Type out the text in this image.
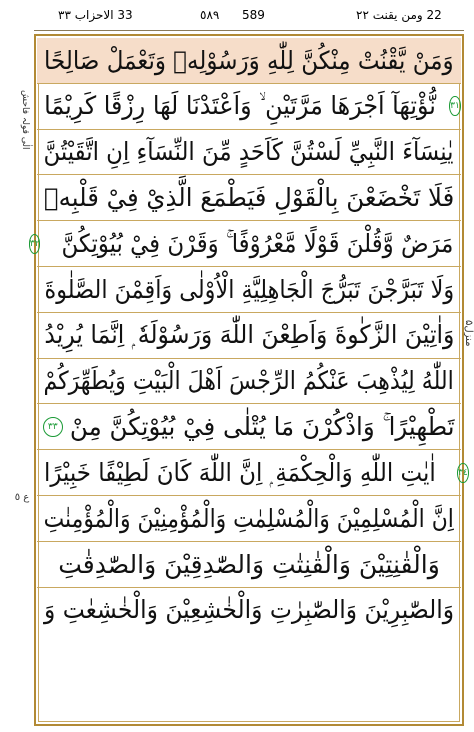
33 الاحزاب ٣٣	٥٨٩ 589	22 ومن يقنت ٢٢
الٰی قولہ فاحش
منزل۵
ع ٥
وَمَنْ يَّقْنُتْ مِنْكُنَّ لِلّٰهِ وَرَسُوْلِهٖ وَتَعْمَلْ صَالِحًا
٣١
نُّؤْتِهَآ اَجْرَهَا مَرَّتَيْنِ ۙ وَاَعْتَدْنَا لَهَا رِزْقًا كَرِيْمًا
يٰنِسَآءَ النَّبِيِّ لَسْتُنَّ كَاَحَدٍ مِّنَ النِّسَآءِ اِنِ اتَّقَيْتُنَّ
فَلَا تَخْضَعْنَ بِالْقَوْلِ فَيَطْمَعَ الَّذِيْ فِيْ قَلْبِهٖ
مَرَضٌ وَّقُلْنَ قَوْلًا مَّعْرُوْفًا ۚ وَقَرْنَ فِيْ بُيُوْتِكُنَّ
٣٢
وَلَا تَبَرَّجْنَ تَبَرُّجَ الْجَاهِلِيَّةِ الْاُوْلٰى وَاَقِمْنَ الصَّلٰوةَ
وَاٰتِيْنَ الزَّكٰوةَ وَاَطِعْنَ اللّٰهَ وَرَسُوْلَهٗ ۭ اِنَّمَا يُرِيْدُ
اللّٰهُ لِيُذْهِبَ عَنْكُمُ الرِّجْسَ اَهْلَ الْبَيْتِ وَيُطَهِّرَكُمْ
تَطْهِيْرًا ۚ وَاذْكُرْنَ مَا يُتْلٰى فِيْ بُيُوْتِكُنَّ مِنْ
٣٣
٣٤
اٰيٰتِ اللّٰهِ وَالْحِكْمَةِ ۭ اِنَّ اللّٰهَ كَانَ لَطِيْفًا خَبِيْرًا
اِنَّ الْمُسْلِمِيْنَ وَالْمُسْلِمٰتِ وَالْمُؤْمِنِيْنَ وَالْمُؤْمِنٰتِ
وَالْقٰنِتِيْنَ وَالْقٰنِتٰتِ وَالصّٰدِقِيْنَ وَالصّٰدِقٰتِ
وَالصّٰبِرِيْنَ وَالصّٰبِرٰتِ وَالْخٰشِعِيْنَ وَالْخٰشِعٰتِ وَ
